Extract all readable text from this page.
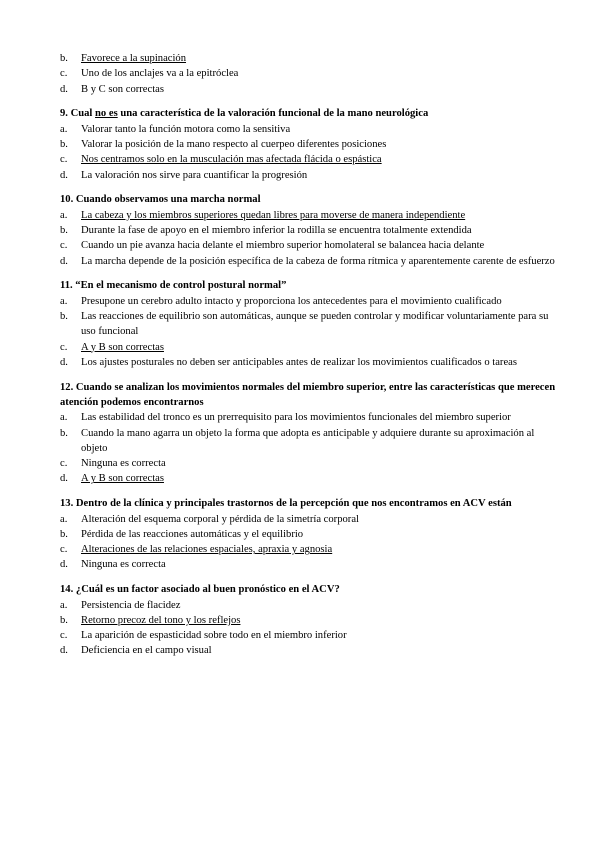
b. Favorece a la supinación
c. Uno de los anclajes va a la epitróclea
d. B y C son correctas

9. Cual no es una característica de la valoración funcional de la mano neurológica

a. Valorar tanto la función motora como la sensitiva
b. Valorar la posición de la mano respecto al cuerpeo diferentes posiciones
c. Nos centramos solo en la musculación mas afectada flácida o espástica
d. La valoración nos sirve para cuantificar la progresión

10. Cuando observamos una marcha normal

a. La cabeza y los miembros superiores quedan libres para moverse de manera independiente
b. Durante la fase de apoyo en el miembro inferior la rodilla se encuentra totalmente extendida
c. Cuando un pie avanza hacia delante el miembro superior homolateral se balancea hacia delante
d. La marcha depende de la posición específica de la cabeza de forma rítmica y aparentemente carente de esfuerzo

11. “En el mecanismo de control postural normal”

a. Presupone un cerebro adulto intacto y proporciona los antecedentes para el movimiento cualificado
b. Las reacciones de equilibrio son automáticas, aunque se pueden controlar y modificar voluntariamente para su uso funcional
c. A y B son correctas
d. Los ajustes posturales no deben ser anticipables antes de realizar los movimientos cualificados o tareas

12. Cuando se analizan los movimientos normales del miembro superior, entre las características que merecen atención podemos encontrarnos

a. Las estabilidad del tronco es un prerrequisito para los movimientos funcionales del miembro superior
b. Cuando la mano agarra un objeto la forma que adopta es anticipable y adquiere durante su aproximación al objeto
c. Ninguna es correcta
d. A y B son correctas

13. Dentro de la clínica y principales trastornos de la percepción que nos encontramos en ACV están

a. Alteración del esquema corporal y pérdida de la simetría corporal
b. Pérdida de las reacciones automáticas y el equilibrio
c. Alteraciones de las relaciones espaciales, apraxia y agnosia
d. Ninguna es correcta

14. ¿Cuál es un factor asociado al buen pronóstico en el ACV?

a. Persistencia de flacidez
b. Retorno precoz del tono y los reflejos
c. La aparición de espasticidad sobre todo en el miembro inferior
d. Deficiencia en el campo visual
